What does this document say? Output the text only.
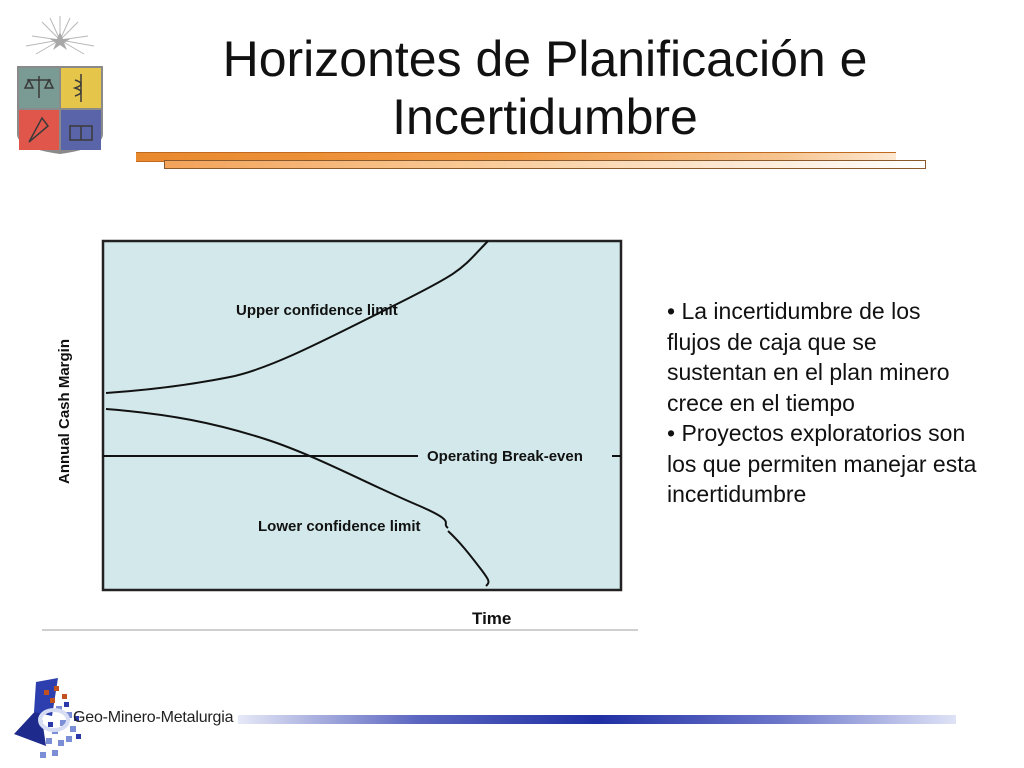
Horizontes de Planificación e
Incertidumbre
Upper confidence limit
Operating Break-even
Lower confidence limit
Annual Cash Margin
Time

• La incertidumbre de los flujos de caja que se sustentan en el plan minero crece en el tiempo

• Proyectos exploratorios son los que permiten manejar esta incertidumbre

Geo-Minero-Metalurgia
